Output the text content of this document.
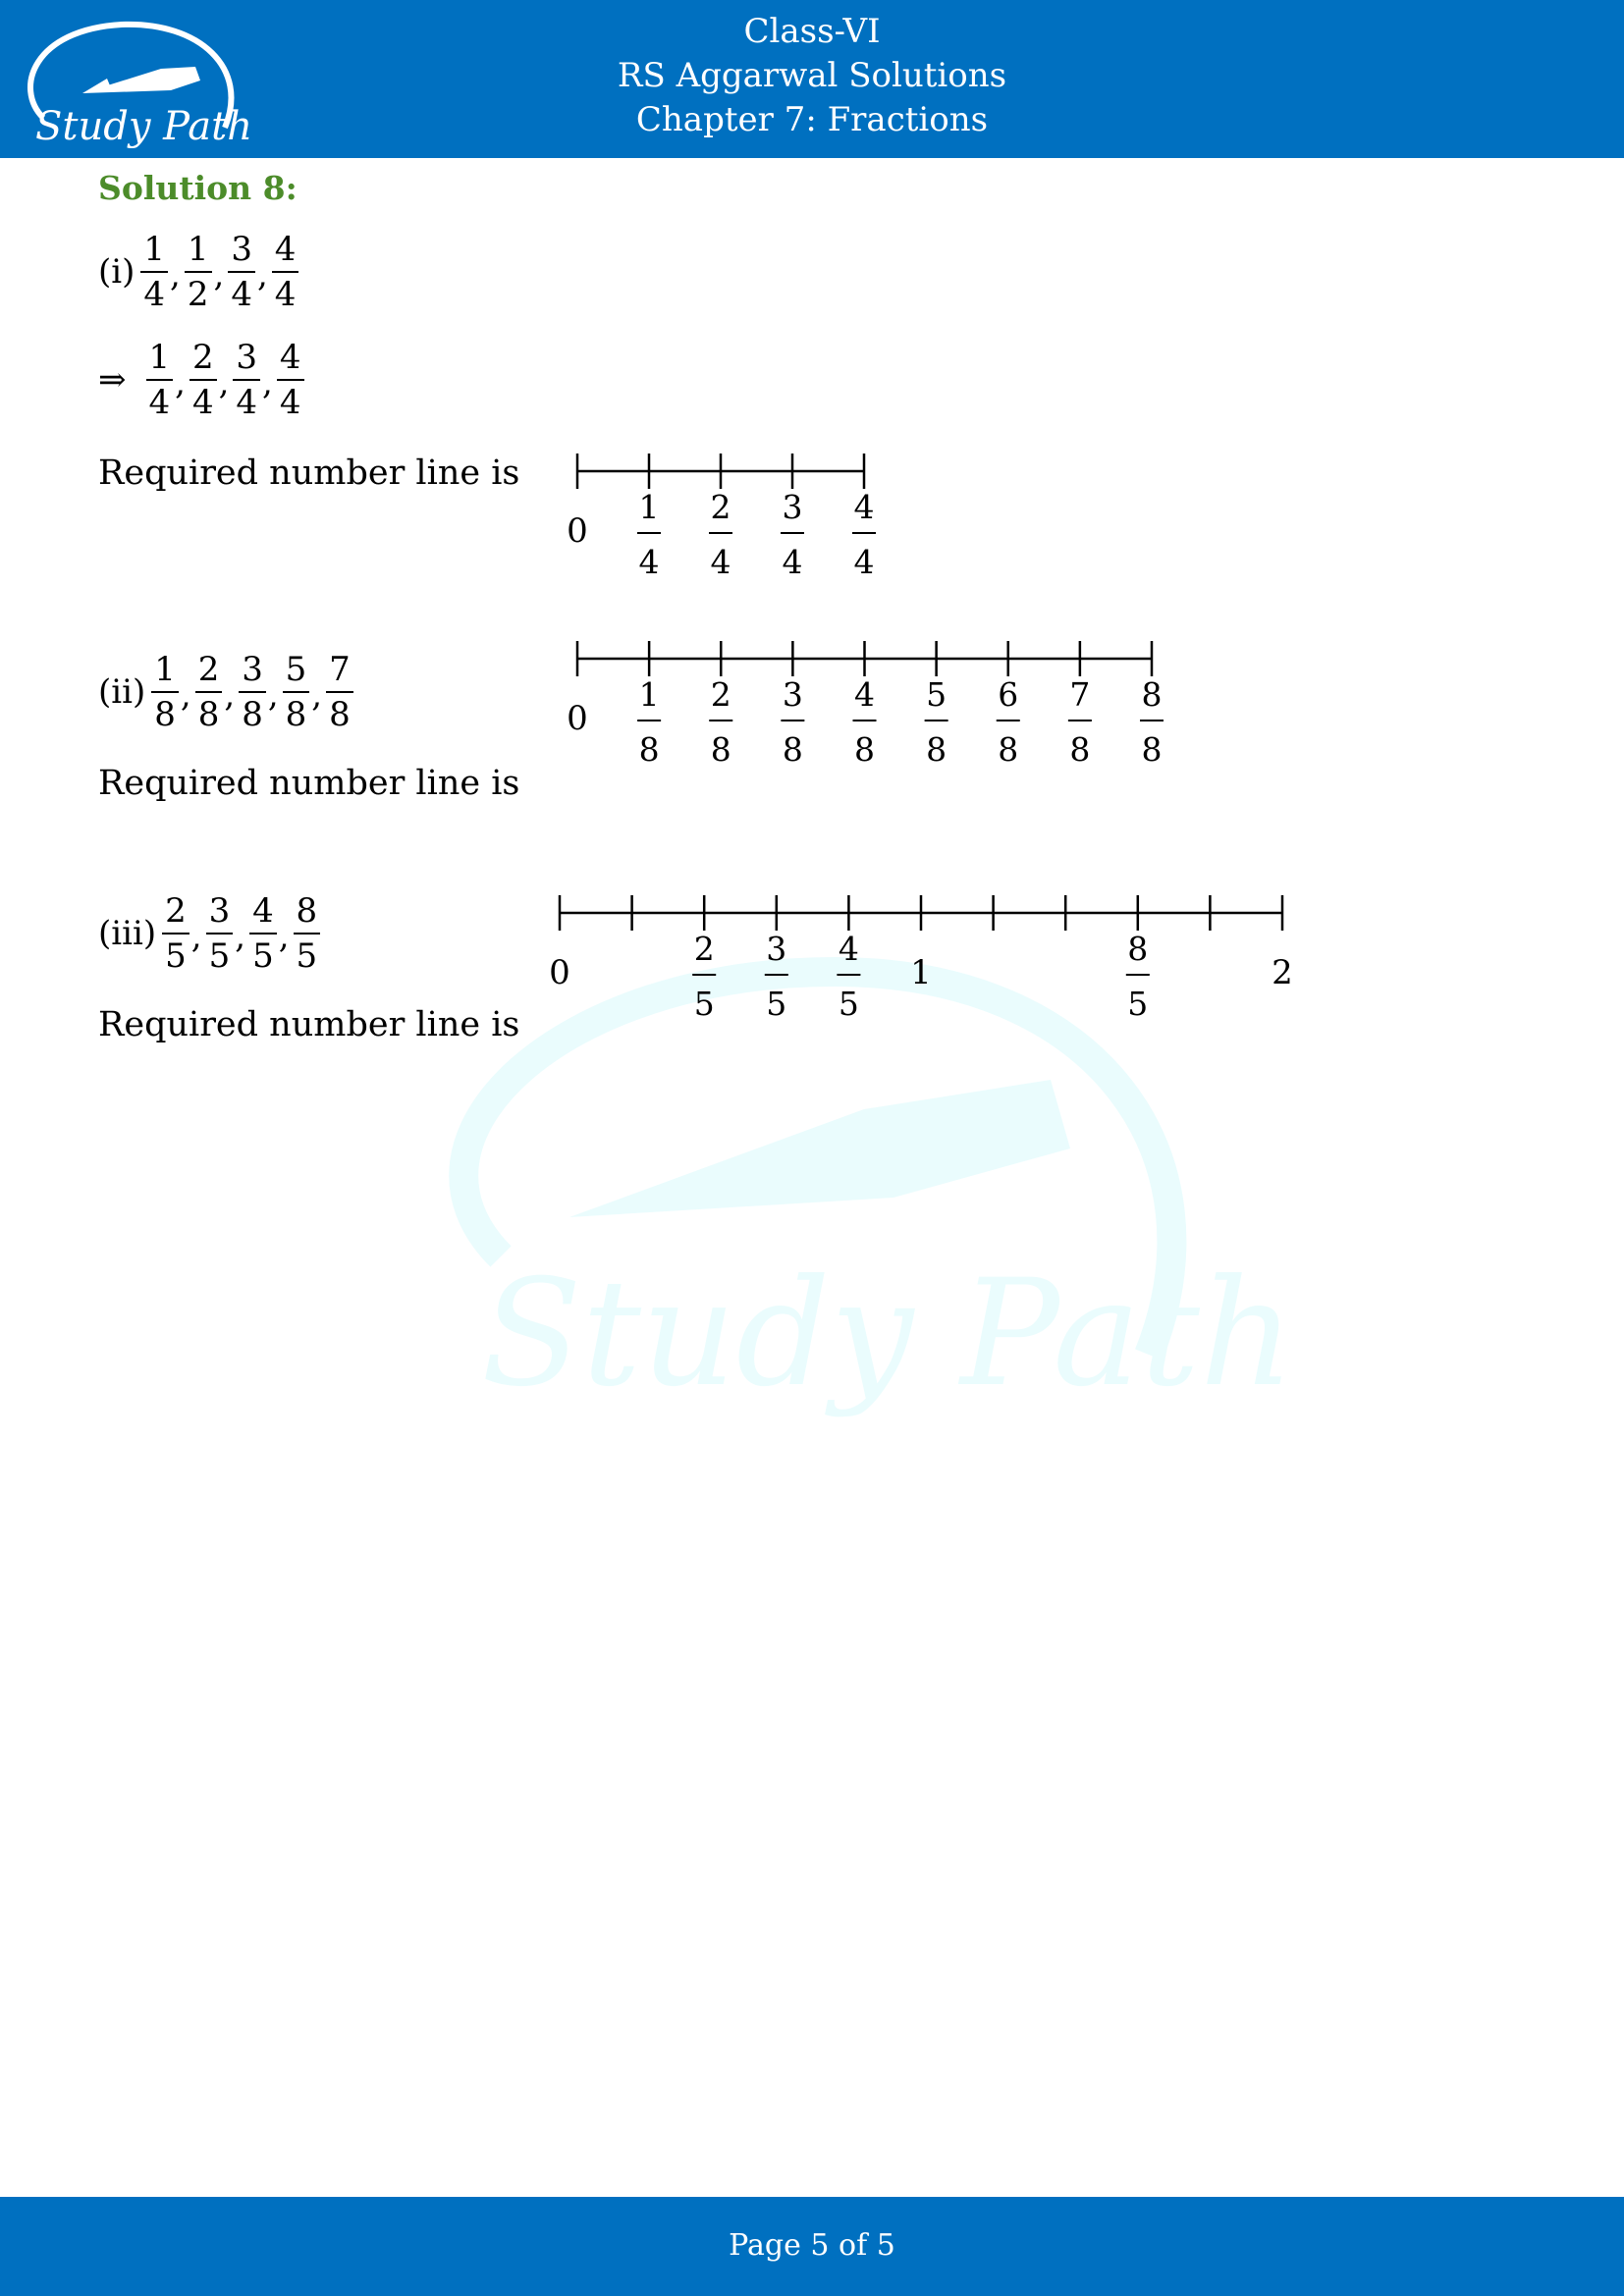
Study Path
Class-VI
RS Aggarwal Solutions
Chapter 7: Fractions
Study Path
Solution 8:
$(i) \frac{1}{4}$ , $\frac{1}{2}$ , $\frac{3}{4}$ , $\frac{4}{4}$
⇒ $\frac{1}{4}$ , $\frac{2}{4}$ , $\frac{3}{4}$ , $\frac{4}{4}$
Required number line is
0
1
4
2
4
3
4
4
4
$(ii) \frac{1}{8}$ , $\frac{2}{8}$ , $\frac{3}{8}$ , $\frac{5}{8}$ , $\frac{7}{8}$
Required number line is
0
1
8
2
8
3
8
4
8
5
8
6
8
7
8
8
8
$(iii) \frac{2}{5}$ , $\frac{3}{5}$ , $\frac{4}{5}$ , $\frac{8}{5}$
Required number line is
0
2
5
3
5
4
5
1
8
5
2
Page 5 of 5
